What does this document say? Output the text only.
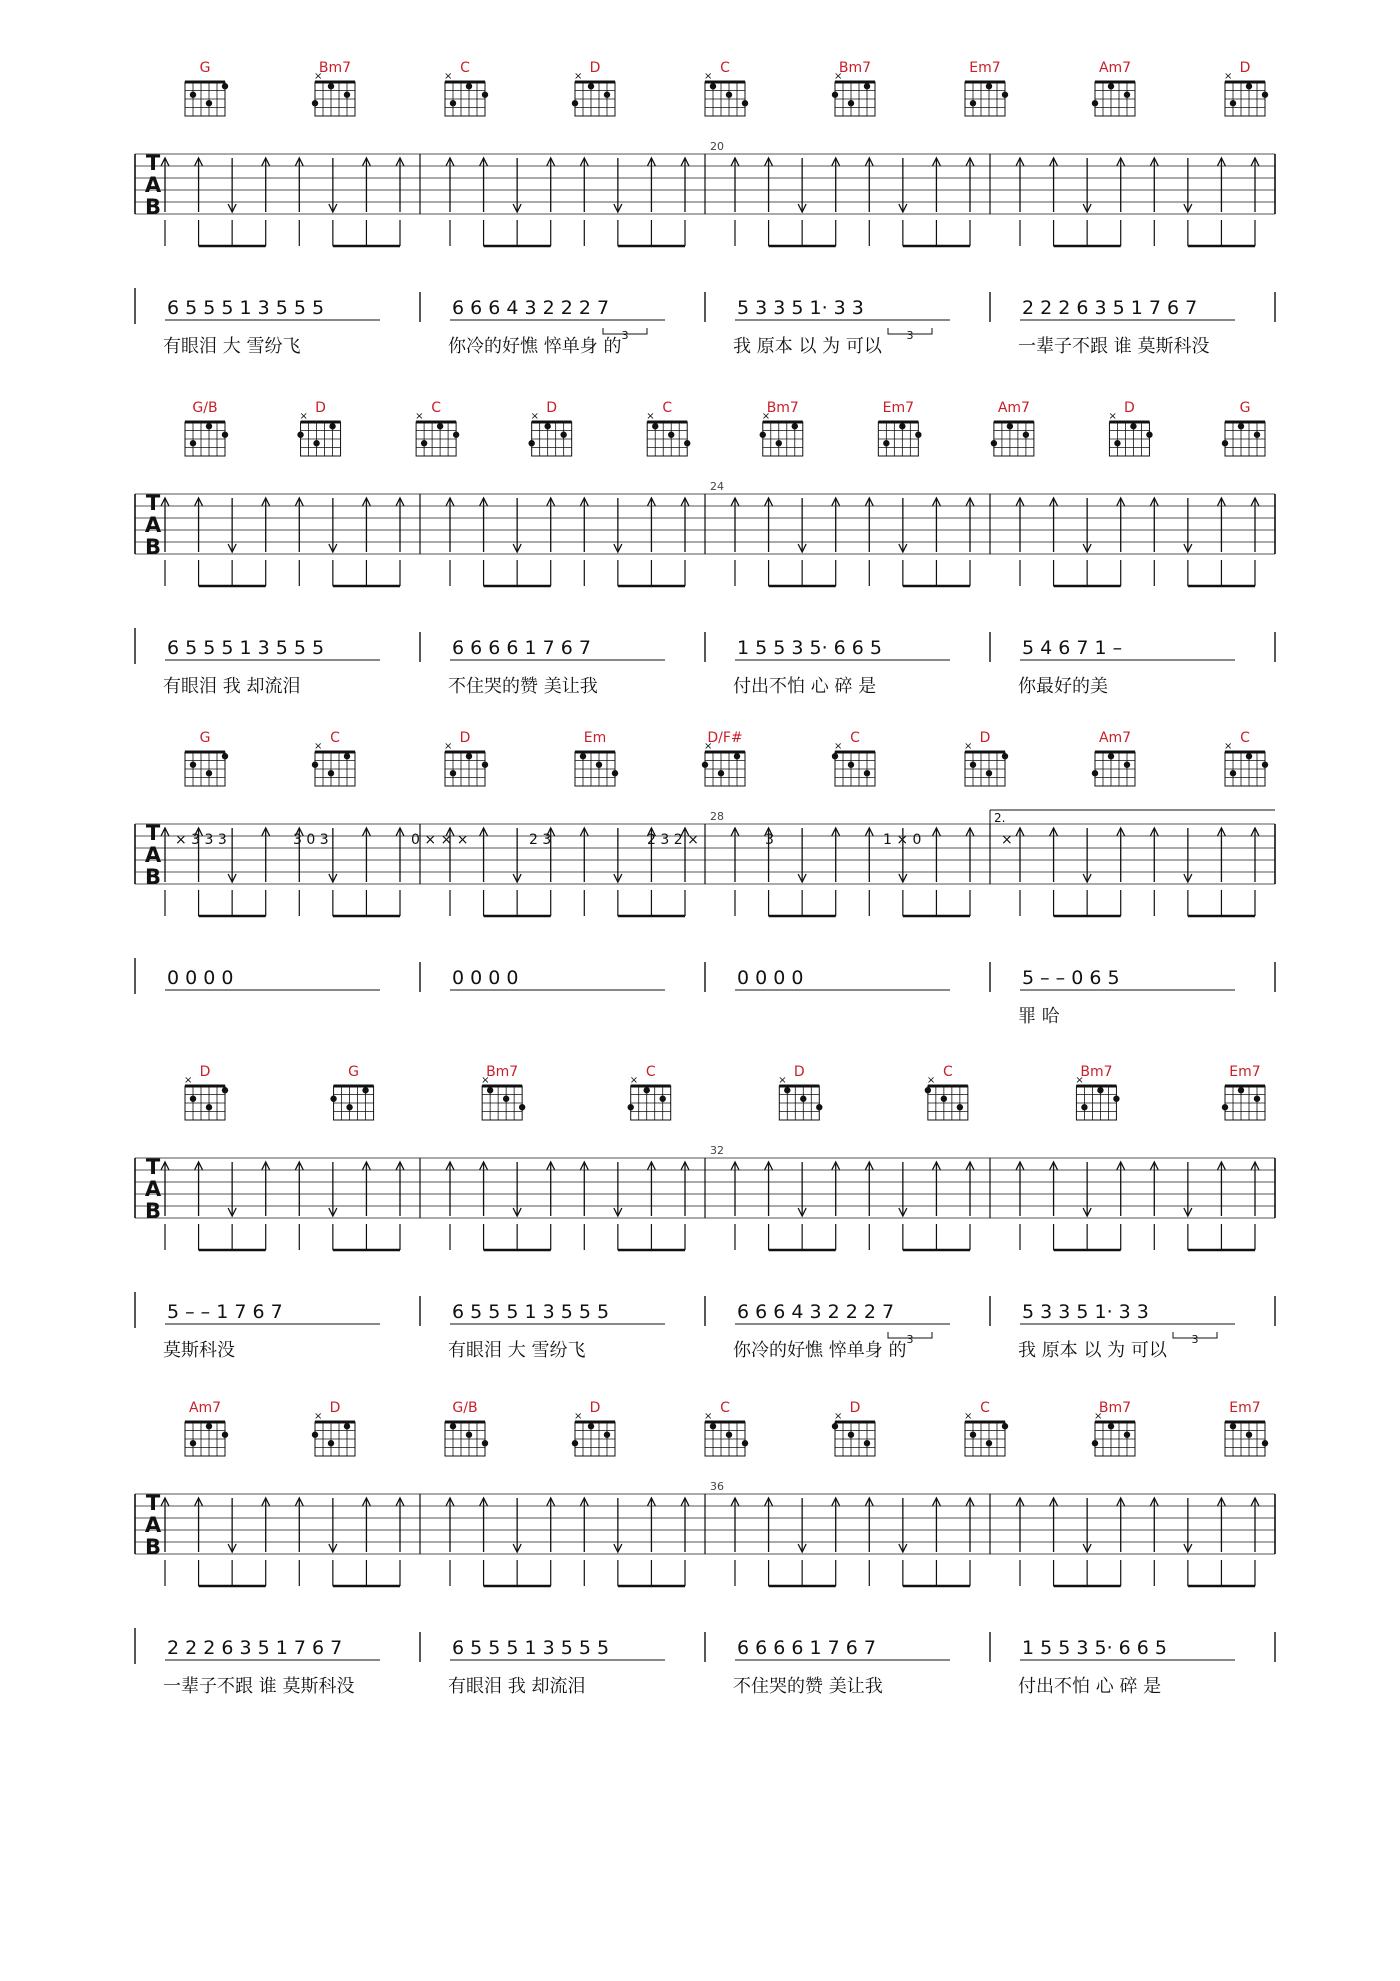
G	Bm7
×
C
×
D
×
C
×
Bm7
×
Em7	Am7	D
×
T
A
B
20
6 5 5 5 1 3 5 5 5
有眼泪 大 雪纷飞
6 6 6 4 3 2 2 2 7
3
你冷的好憔 悴单身 的
5 3 3 5 1· 3 3
3
我 原本 以 为 可以
2 2 2 6 3 5 1 7 6 7
一辈子不跟 谁 莫斯科没
G/B	D
×
C
×
D
×
C
×
Bm7
×
Em7	Am7	D
×
G
T
A
B
24
6 5 5 5 1 3 5 5 5
有眼泪 我 却流泪
6 6 6 6 1 7 6 7
不住哭的赞 美让我
1 5 5 3 5· 6 6 5
付出不怕 心 碎 是
5 4 6 7 1 –
你最好的美
G	C
×
D
×
Em	D/F#
×
C
×
D
×
Am7	C
×
T
A
B
28
× 3 3 3	3 0 3	0 × × ×	2 3	2 3 2 ×	3	1 × 0	×
2.
0 0 0 0	0 0 0 0	0 0 0 0	5 – – 0 6 5
罪 哈
D
×
G	Bm7
×
C
×
D
×
C
×
Bm7
×
Em7
T
A
B
32
5 – – 1 7 6 7
莫斯科没
6 5 5 5 1 3 5 5 5
有眼泪 大 雪纷飞
6 6 6 4 3 2 2 2 7
3
你冷的好憔 悴单身 的
5 3 3 5 1· 3 3
3
我 原本 以 为 可以
Am7	D
×
G/B	D
×
C
×
D
×
C
×
Bm7
×
Em7
T
A
B
36
2 2 2 6 3 5 1 7 6 7
一辈子不跟 谁 莫斯科没
6 5 5 5 1 3 5 5 5
有眼泪 我 却流泪
6 6 6 6 1 7 6 7
不住哭的赞 美让我
1 5 5 3 5· 6 6 5
付出不怕 心 碎 是
